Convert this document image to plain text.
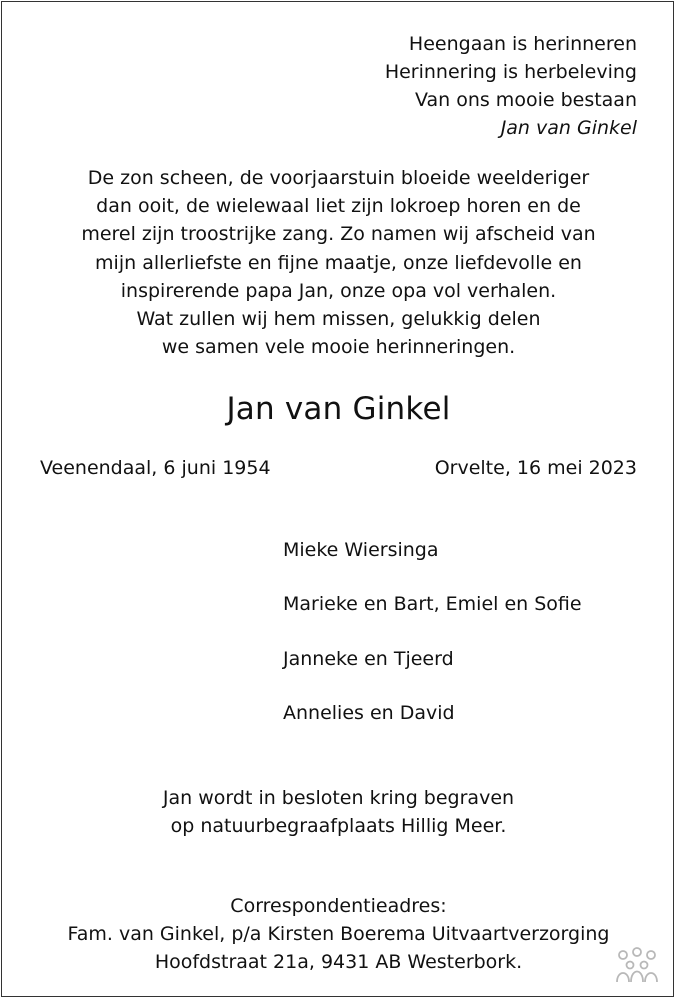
Heengaan is herinneren
Herinnering is herbeleving
Van ons mooie bestaan
Jan van Ginkel
De zon scheen, de voorjaarstuin bloeide weelderiger
dan ooit, de wielewaal liet zijn lokroep horen en de
merel zijn troostrijke zang. Zo namen wij afscheid van
mijn allerliefste en fijne maatje, onze liefdevolle en
inspirerende papa Jan, onze opa vol verhalen.
Wat zullen wij hem missen, gelukkig delen
we samen vele mooie herinneringen.
Jan van Ginkel
Veenendaal, 6 juni 1954	Orvelte, 16 mei 2023
Mieke Wiersinga
Marieke en Bart, Emiel en Sofie
Janneke en Tjeerd
Annelies en David
Jan wordt in besloten kring begraven
op natuurbegraafplaats Hillig Meer.
Correspondentieadres:
Fam. van Ginkel, p/a Kirsten Boerema Uitvaartverzorging
Hoofdstraat 21a, 9431 AB Westerbork.
